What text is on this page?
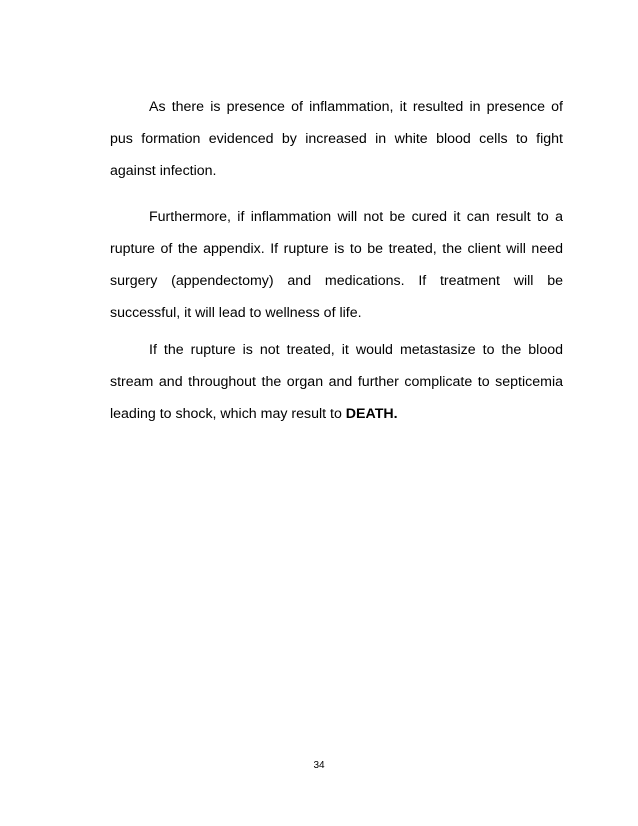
As there is presence of inflammation, it resulted in presence of pus formation evidenced by increased in white blood cells to fight against infection.

Furthermore, if inflammation will not be cured it can result to a rupture of the appendix. If rupture is to be treated, the client will need surgery (appendectomy) and medications. If treatment will be successful, it will lead to wellness of life.

If the rupture is not treated, it would metastasize to the blood stream and throughout the organ and further complicate to septicemia leading to shock, which may result to DEATH.

34
